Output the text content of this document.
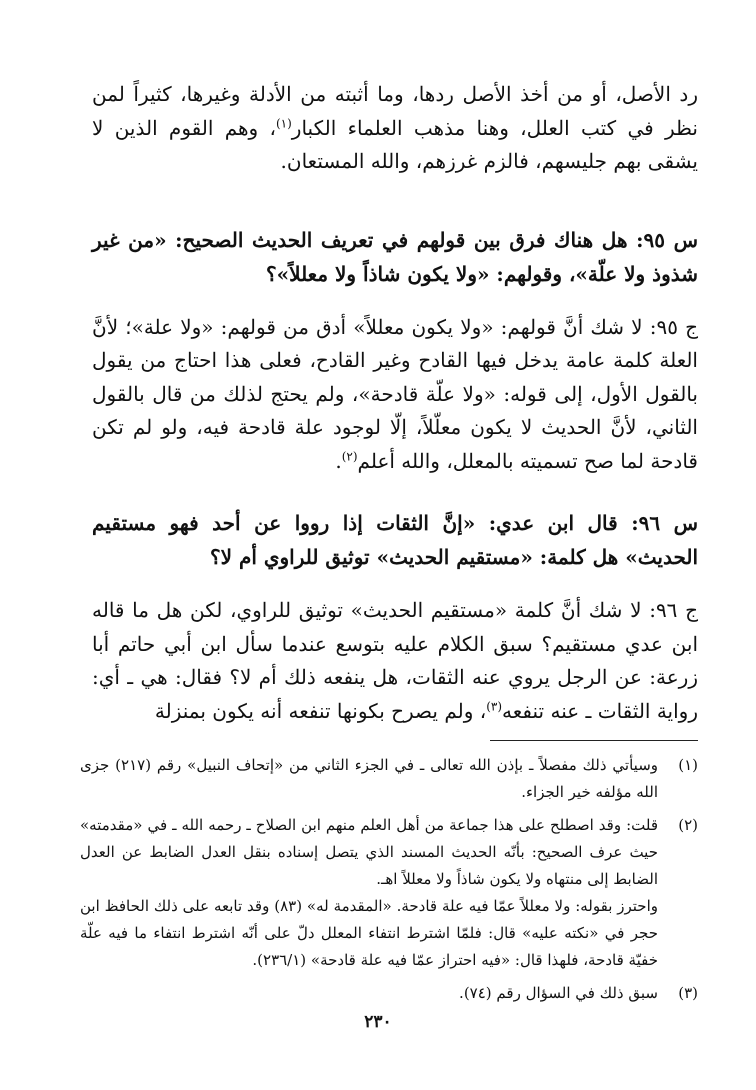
رد الأصل، أو من أخذ الأصل ردها، وما أثبته من الأدلة وغيرها، كثيراً لمن نظر في كتب العلل، وهنا مذهب العلماء الكبار$^{(١)}$، وهم القوم الذين لا يشقى بهم جليسهم، فالزم غرزهم، والله المستعان.

س ٩٥: هل هناك فرق بين قولهم في تعريف الحديث الصحيح: «من غير شذوذ ولا علّة»، وقولهم: «ولا يكون شاذاً ولا معللاً»؟

ج ٩٥: لا شك أنَّ قولهم: «ولا يكون معللاً» أدق من قولهم: «ولا علة»؛ لأنَّ العلة كلمة عامة يدخل فيها القادح وغير القادح، فعلى هذا احتاج من يقول بالقول الأول، إلى قوله: «ولا علّة قادحة»، ولم يحتج لذلك من قال بالقول الثاني، لأنَّ الحديث لا يكون معلّلاً، إلّا لوجود علة قادحة فيه، ولو لم تكن قادحة لما صح تسميته بالمعلل، والله أعلم$^{(٢)}$.

س ٩٦: قال ابن عدي: «إنَّ الثقات إذا رووا عن أحد فهو مستقيم الحديث» هل كلمة: «مستقيم الحديث» توثيق للراوي أم لا؟

ج ٩٦: لا شك أنَّ كلمة «مستقيم الحديث» توثيق للراوي، لكن هل ما قاله ابن عدي مستقيم؟ سبق الكلام عليه بتوسع عندما سأل ابن أبي حاتم أبا زرعة: عن الرجل يروي عنه الثقات، هل ينفعه ذلك أم لا؟ فقال: هي ـ أي: رواية الثقات ـ عنه تنفعه$^{(٣)}$، ولم يصرح بكونها تنفعه أنه يكون بمنزلة

(١)

وسيأتي ذلك مفصلاً ـ بإذن الله تعالى ـ في الجزء الثاني من «إتحاف النبيل» رقم (٢١٧) جزى الله مؤلفه خير الجزاء.

(٢)

قلت: وقد اصطلح على هذا جماعة من أهل العلم منهم ابن الصلاح ـ رحمه الله ـ في «مقدمته» حيث عرف الصحيح: بأنّه الحديث المسند الذي يتصل إسناده بنقل العدل الضابط عن العدل الضابط إلى منتهاه ولا يكون شاذاً ولا معللاً اهـ.

واحترز بقوله: ولا معللاً عمّا فيه علة قادحة. «المقدمة له» (٨٣) وقد تابعه على ذلك الحافظ ابن حجر في «نكته عليه» قال: فلمّا اشترط انتفاء المعلل دلّ على أنّه اشترط انتفاء ما فيه علّة خفيّة قادحة، فلهذا قال: «فيه احتراز عمّا فيه علة قادحة» (٢٣٦/١).

(٣)

سبق ذلك في السؤال رقم (٧٤).

٢٣٠
